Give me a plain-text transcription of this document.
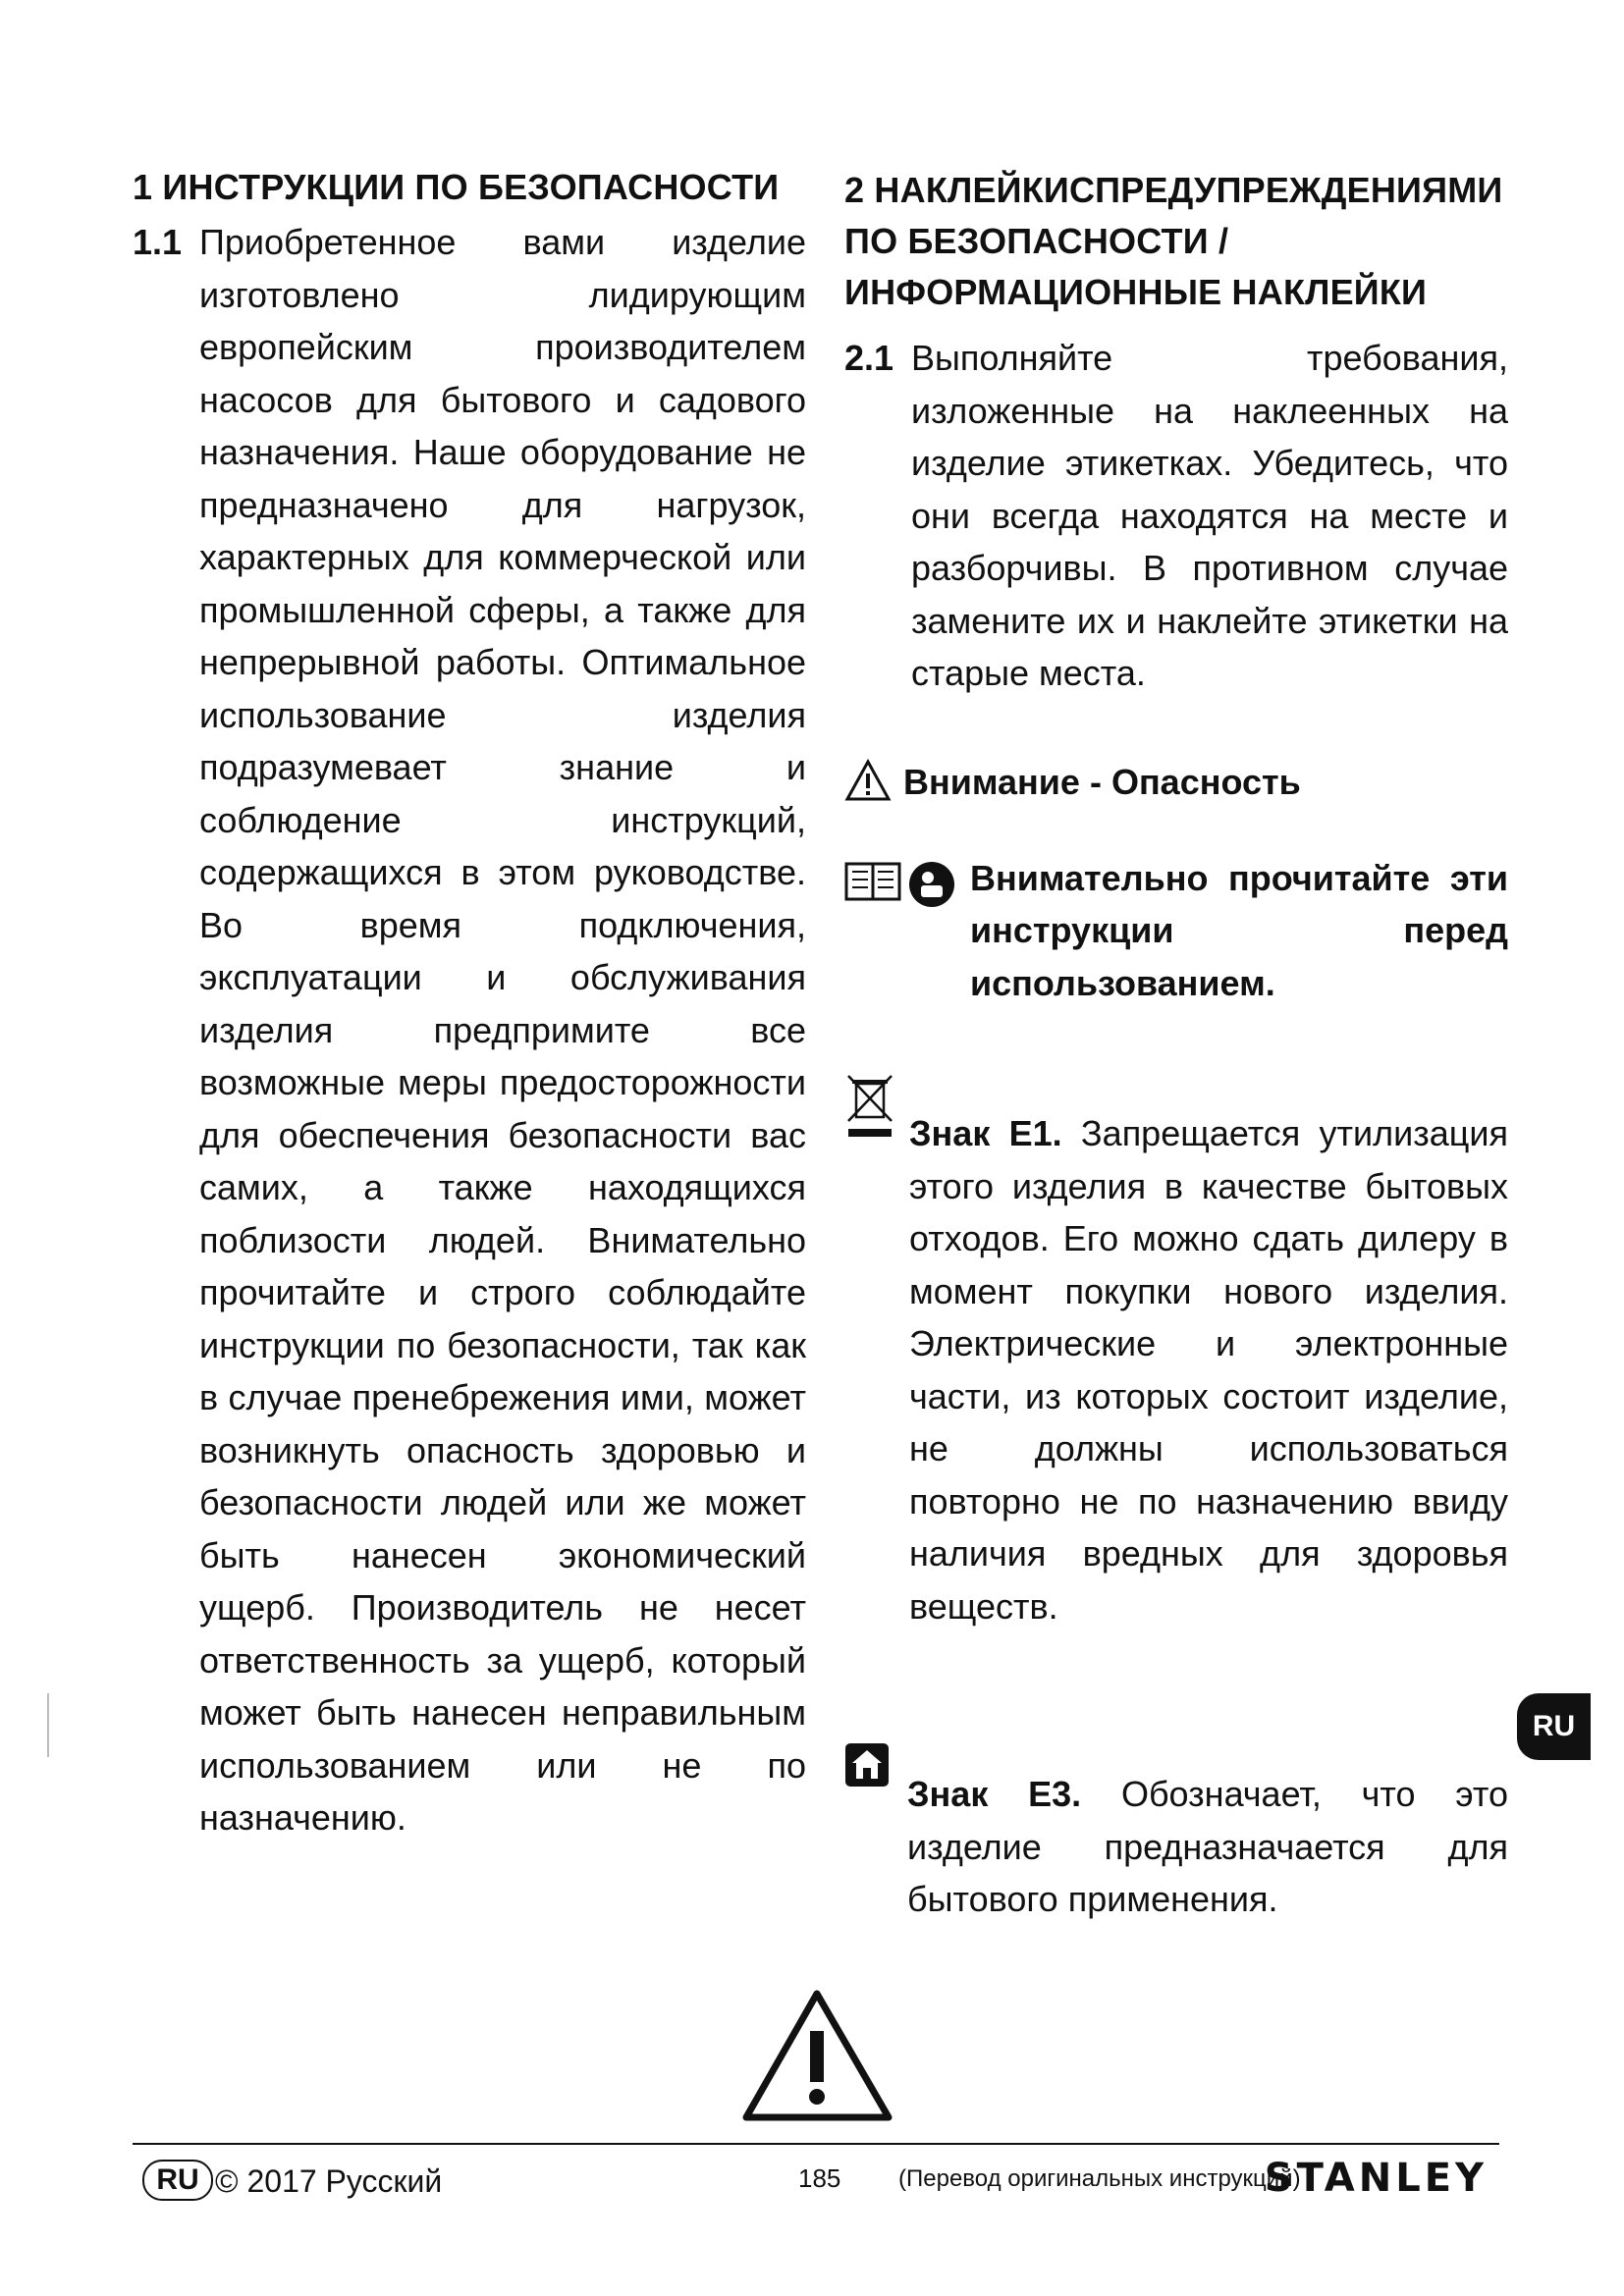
1 ИНСТРУКЦИИ ПО БЕЗОПАСНОСТИ
1.1 Приобретенное вами изделие изготовлено лидирующим европейским производителем насосов для бытового и садового назначения. Наше оборудование не предназначено для нагрузок, характерных для коммерческой или промышленной сферы, а также для непрерывной работы. Оптимальное использование изделия подразумевает знание и соблюдение инструкций, содержащихся в этом руководстве. Во время подключения, эксплуатации и обслуживания изделия предпримите все возможные меры предосторожности для обеспечения безопасности вас самих, а также находящихся поблизости людей. Внимательно прочитайте и строго соблюдайте инструкции по безопасности, так как в случае пренебрежения ими, может возникнуть опасность здоровью и безопасности людей или же может быть нанесен экономический ущерб. Производитель не несет ответственность за ущерб, который может быть нанесен неправильным использованием или не по назначению.

2 НАКЛЕЙКИСПРЕДУПРЕЖДЕНИЯМИ ПО БЕЗОПАСНОСТИ / ИНФОРМАЦИОННЫЕ НАКЛЕЙКИ
2.1 Выполняйте требования, изложенные на наклеенных на изделие этикетках. Убедитесь, что они всегда находятся на месте и разборчивы. В противном случае замените их и наклейте этикетки на старые места.

Внимание - Опасность
Внимательно прочитайте эти инструкции перед использованием.

Знак E1. Запрещается утилизация этого изделия в качестве бытовых отходов. Его можно сдать дилеру в момент покупки нового изделия. Электрические и электронные части, из которых состоит изделие, не должны использоваться повторно не по назначению ввиду наличия вредных для здоровья веществ.

Знак E3. Обозначает, что это изделие предназначается для бытового применения.

RU
RU © 2017 Русский	185 (Перевод оригинальных инструкций)
STANLEY
